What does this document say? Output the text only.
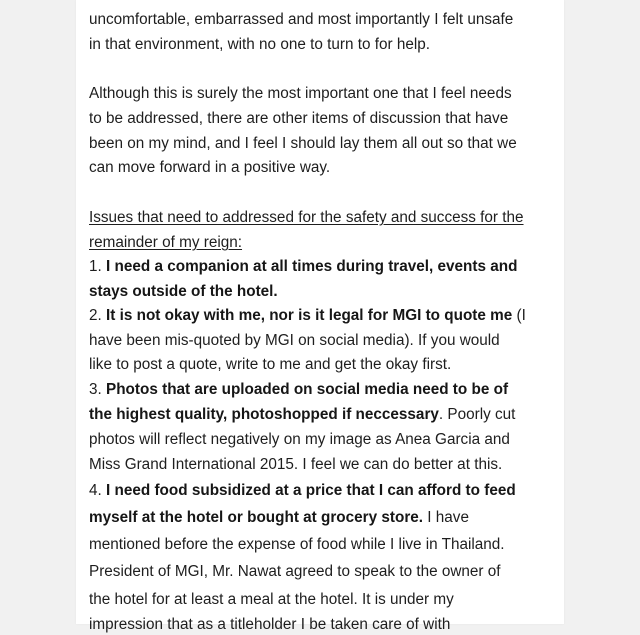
uncomfortable, embarrassed and most importantly I felt unsafe
in that environment, with no one to turn to for help.
Although this is surely the most important one that I feel needs
to be addressed, there are other items of discussion that have
been on my mind, and I feel I should lay them all out so that we
can move forward in a positive way.
Issues that need to addressed for the safety and success for the
remainder of my reign:
1. I need a companion at all times during travel, events and
stays outside of the hotel.
2. It is not okay with me, nor is it legal for MGI to quote me (I
have been mis-quoted by MGI on social media). If you would
like to post a quote, write to me and get the okay first.
3. Photos that are uploaded on social media need to be of
the highest quality, photoshopped if neccessary. Poorly cut
photos will reflect negatively on my image as Anea Garcia and
Miss Grand International 2015. I feel we can do better at this.
4. I need food subsidized at a price that I can afford to feed
myself at the hotel or bought at grocery store. I have
mentioned before the expense of food while I live in Thailand.
President of MGI, Mr. Nawat agreed to speak to the owner of
the hotel for at least a meal at the hotel. It is under my
impression that as a titleholder I be taken care of with
